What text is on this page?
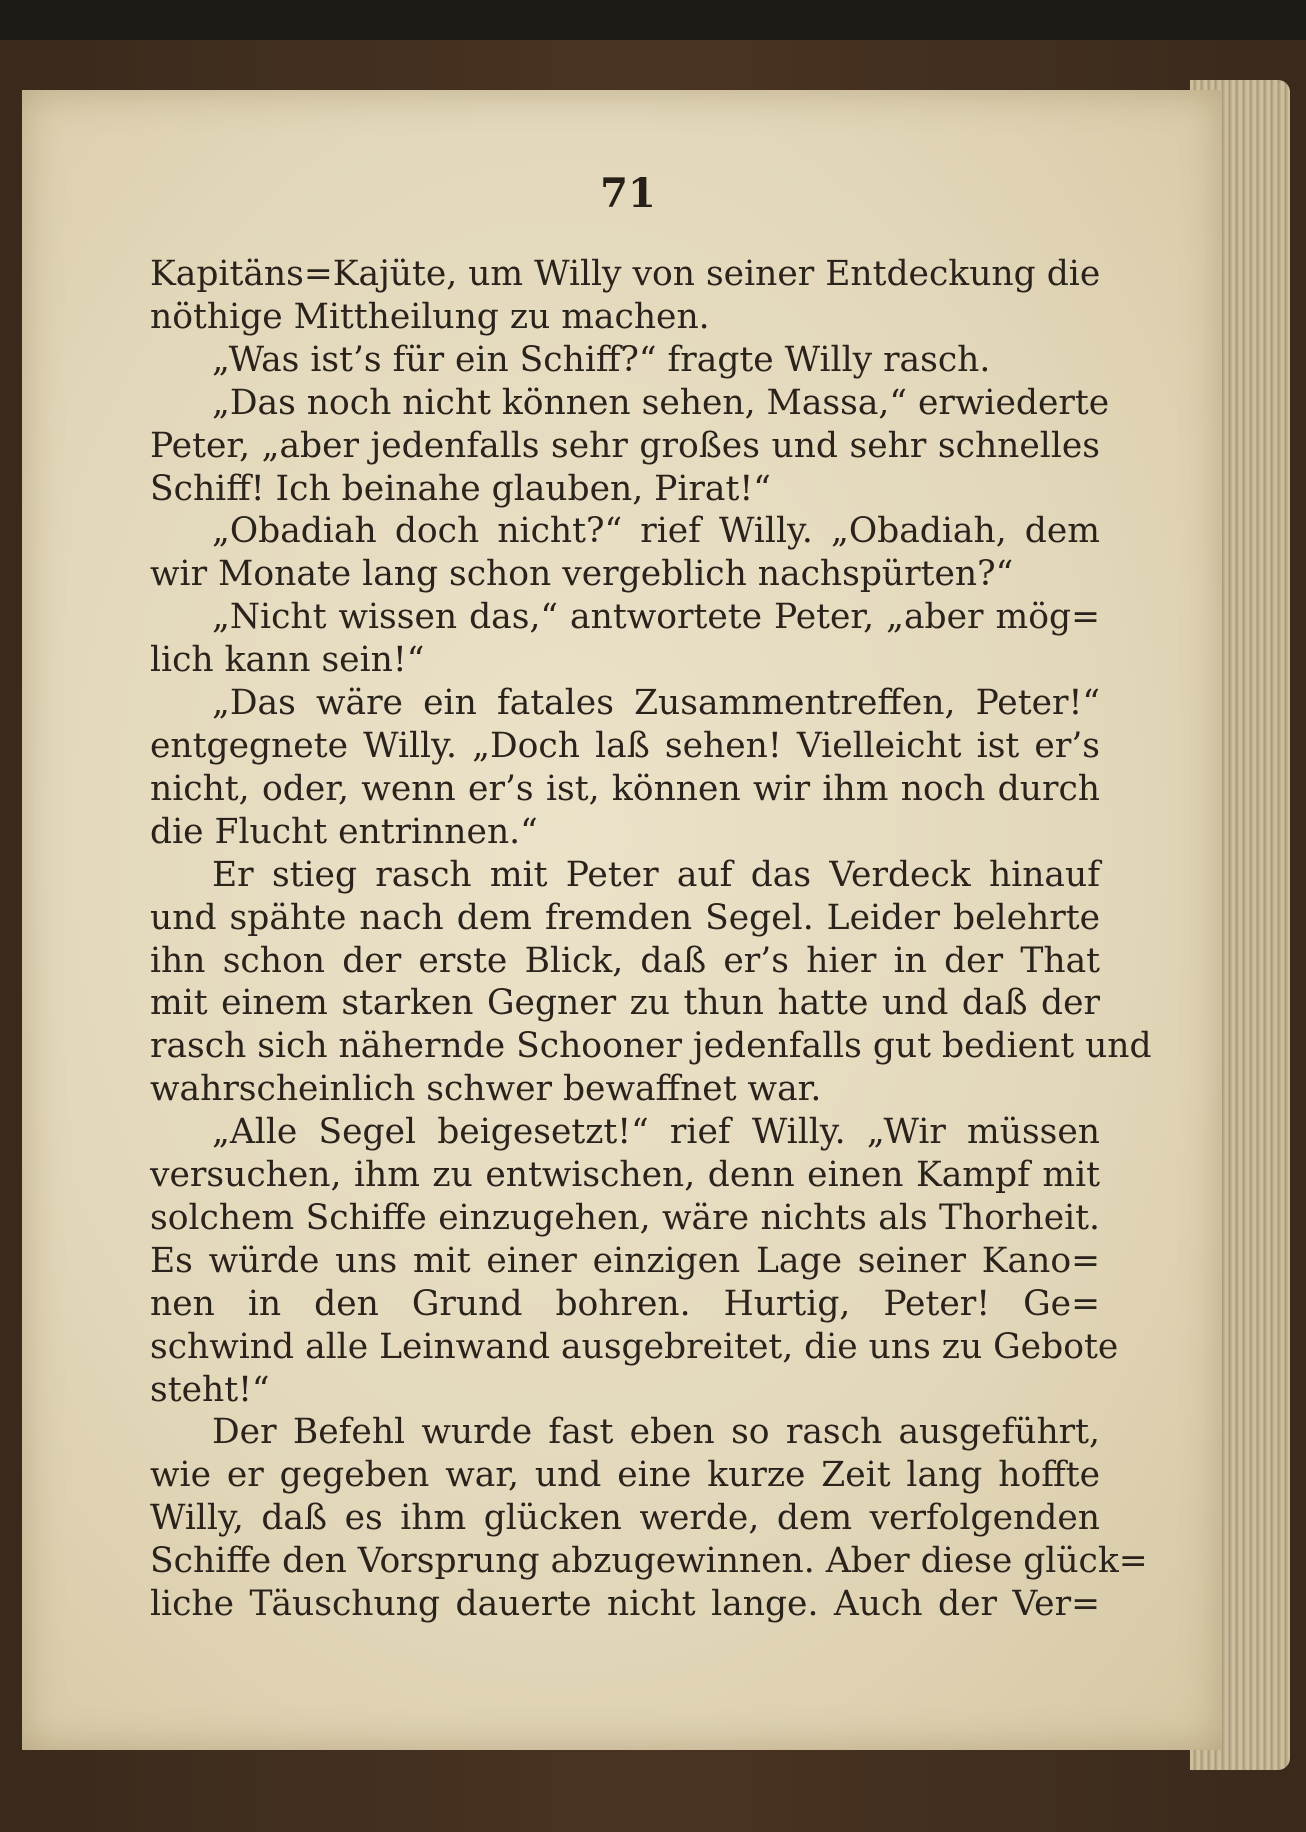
71
Kapitäns=Kajüte, um Willy von seiner Entdeckung die
nöthige Mittheilung zu machen.
„Was ist’s für ein Schiff?“ fragte Willy rasch.
„Das noch nicht können sehen, Massa,“ erwiederte
Peter, „aber jedenfalls sehr großes und sehr schnelles
Schiff! Ich beinahe glauben, Pirat!“
„Obadiah doch nicht?“ rief Willy. „Obadiah, dem
wir Monate lang schon vergeblich nachspürten?“
„Nicht wissen das,“ antwortete Peter, „aber mög=
lich kann sein!“
„Das wäre ein fatales Zusammentreffen, Peter!“
entgegnete Willy. „Doch laß sehen! Vielleicht ist er’s
nicht, oder, wenn er’s ist, können wir ihm noch durch
die Flucht entrinnen.“
Er stieg rasch mit Peter auf das Verdeck hinauf
und spähte nach dem fremden Segel. Leider belehrte
ihn schon der erste Blick, daß er’s hier in der That
mit einem starken Gegner zu thun hatte und daß der
rasch sich nähernde Schooner jedenfalls gut bedient und
wahrscheinlich schwer bewaffnet war.
„Alle Segel beigesetzt!“ rief Willy. „Wir müssen
versuchen, ihm zu entwischen, denn einen Kampf mit
solchem Schiffe einzugehen, wäre nichts als Thorheit.
Es würde uns mit einer einzigen Lage seiner Kano=
nen in den Grund bohren. Hurtig, Peter! Ge=
schwind alle Leinwand ausgebreitet, die uns zu Gebote
steht!“
Der Befehl wurde fast eben so rasch ausgeführt,
wie er gegeben war, und eine kurze Zeit lang hoffte
Willy, daß es ihm glücken werde, dem verfolgenden
Schiffe den Vorsprung abzugewinnen. Aber diese glück=
liche Täuschung dauerte nicht lange. Auch der Ver=
